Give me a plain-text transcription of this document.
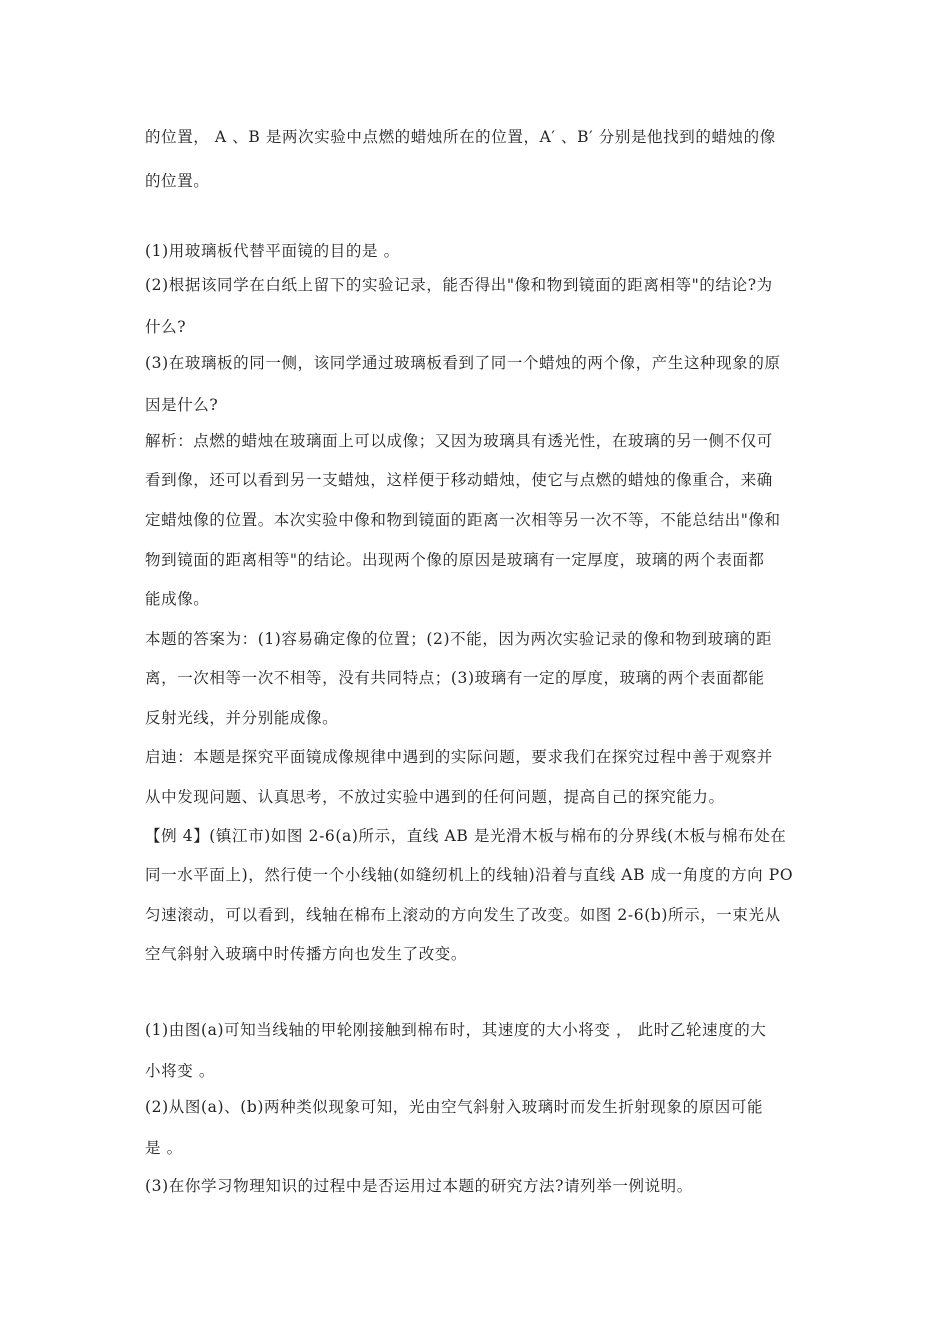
的位置， A 、B 是两次实验中点燃的蜡烛所在的位置，A′ 、B′ 分别是他找到的蜡烛的像
的位置。
(1)用玻璃板代替平面镜的目的是 。
(2)根据该同学在白纸上留下的实验记录，能否得出"像和物到镜面的距离相等"的结论?为
什么?
(3)在玻璃板的同一侧，该同学通过玻璃板看到了同一个蜡烛的两个像，产生这种现象的原
因是什么?
解析：点燃的蜡烛在玻璃面上可以成像；又因为玻璃具有透光性，在玻璃的另一侧不仅可
看到像，还可以看到另一支蜡烛，这样便于移动蜡烛，使它与点燃的蜡烛的像重合，来确
定蜡烛像的位置。本次实验中像和物到镜面的距离一次相等另一次不等，不能总结出"像和
物到镜面的距离相等"的结论。出现两个像的原因是玻璃有一定厚度，玻璃的两个表面都
能成像。
本题的答案为：(1)容易确定像的位置；(2)不能，因为两次实验记录的像和物到玻璃的距
离，一次相等一次不相等，没有共同特点；(3)玻璃有一定的厚度，玻璃的两个表面都能
反射光线，并分别能成像。
启迪：本题是探究平面镜成像规律中遇到的实际问题，要求我们在探究过程中善于观察并
从中发现问题、认真思考，不放过实验中遇到的任何问题，提高自己的探究能力。
【例 4】(镇江市)如图 2-6(a)所示，直线 AB 是光滑木板与棉布的分界线(木板与棉布处在
同一水平面上)，然行使一个小线轴(如缝纫机上的线轴)沿着与直线 AB 成一角度的方向 PO
匀速滚动，可以看到，线轴在棉布上滚动的方向发生了改变。如图 2-6(b)所示，一束光从
空气斜射入玻璃中时传播方向也发生了改变。
(1)由图(a)可知当线轴的甲轮刚接触到棉布时，其速度的大小将变 ， 此时乙轮速度的大
小将变 。
(2)从图(a)、(b)两种类似现象可知，光由空气斜射入玻璃时而发生折射现象的原因可能
是 。
(3)在你学习物理知识的过程中是否运用过本题的研究方法?请列举一例说明。
